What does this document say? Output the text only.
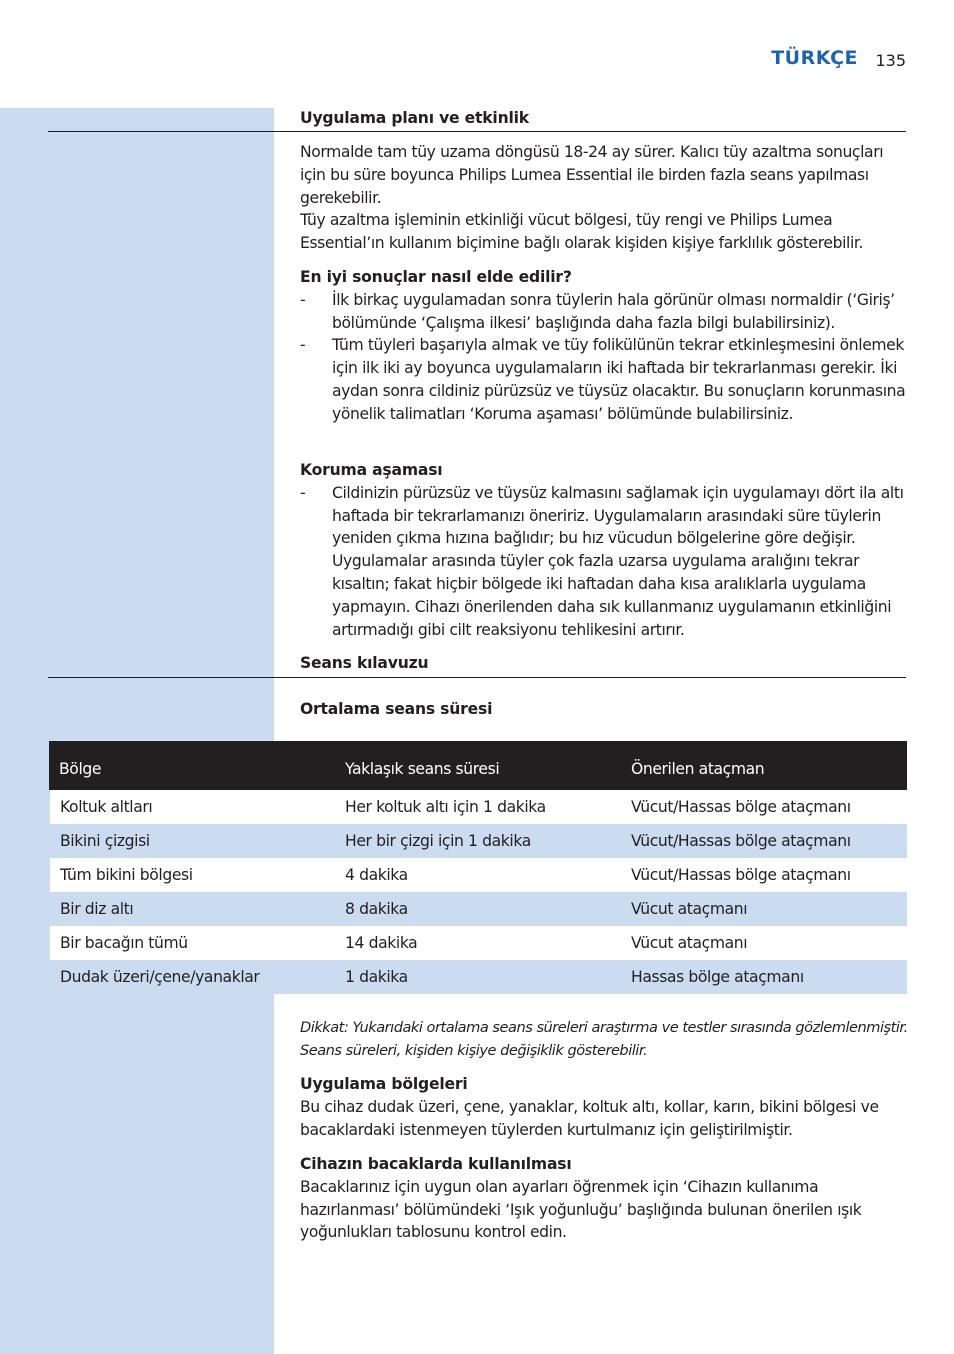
TÜRKÇE 135
Uygulama planı ve etkinlik

Normalde tam tüy uzama döngüsü 18-24 ay sürer. Kalıcı tüy azaltma sonuçları için bu süre boyunca Philips Lumea Essential ile birden fazla seans yapılması gerekebilir.

Tüy azaltma işleminin etkinliği vücut bölgesi, tüy rengi ve Philips Lumea Essential’ın kullanım biçimine bağlı olarak kişiden kişiye farklılık gösterebilir.

En iyi sonuçlar nasıl elde edilir?
- İlk birkaç uygulamadan sonra tüylerin hala görünür olması normaldir (‘Giriş’ bölümünde ‘Çalışma ilkesi’ başlığında daha fazla bilgi bulabilirsiniz).
- Tüm tüyleri başarıyla almak ve tüy folikülünün tekrar etkinleşmesini önlemek için ilk iki ay boyunca uygulamaların iki haftada bir tekrarlanması gerekir. İki aydan sonra cildiniz pürüzsüz ve tüysüz olacaktır. Bu sonuçların korunmasına yönelik talimatları ‘Koruma aşaması’ bölümünde bulabilirsiniz.
Koruma aşaması
- Cildinizin pürüzsüz ve tüysüz kalmasını sağlamak için uygulamayı dört ila altı haftada bir tekrarlamanızı öneririz. Uygulamaların arasındaki süre tüylerin yeniden çıkma hızına bağlıdır; bu hız vücudun bölgelerine göre değişir. Uygulamalar arasında tüyler çok fazla uzarsa uygulama aralığını tekrar kısaltın; fakat hiçbir bölgede iki haftadan daha kısa aralıklarla uygulama yapmayın. Cihazı önerilenden daha sık kullanmanız uygulamanın etkinliğini artırmadığı gibi cilt reaksiyonu tehlikesini artırır.
Seans kılavuzu
Ortalama seans süresi
Bölge	Yaklaşık seans süresi	Önerilen ataçman
Koltuk altları	Her koltuk altı için 1 dakika	Vücut/Hassas bölge ataçmanı
Bikini çizgisi	Her bir çizgi için 1 dakika	Vücut/Hassas bölge ataçmanı
Tüm bikini bölgesi	4 dakika	Vücut/Hassas bölge ataçmanı
Bir diz altı	8 dakika	Vücut ataçmanı
Bir bacağın tümü	14 dakika	Vücut ataçmanı
Dudak üzeri/çene/yanaklar	1 dakika	Hassas bölge ataçmanı

Dikkat: Yukarıdaki ortalama seans süreleri araştırma ve testler sırasında gözlemlenmiştir. Seans süreleri, kişiden kişiye değişiklik gösterebilir.

Uygulama bölgeleri

Bu cihaz dudak üzeri, çene, yanaklar, koltuk altı, kollar, karın, bikini bölgesi ve bacaklardaki istenmeyen tüylerden kurtulmanız için geliştirilmiştir.

Cihazın bacaklarda kullanılması

Bacaklarınız için uygun olan ayarları öğrenmek için ‘Cihazın kullanıma hazırlanması’ bölümündeki ‘Işık yoğunluğu’ başlığında bulunan önerilen ışık yoğunlukları tablosunu kontrol edin.
